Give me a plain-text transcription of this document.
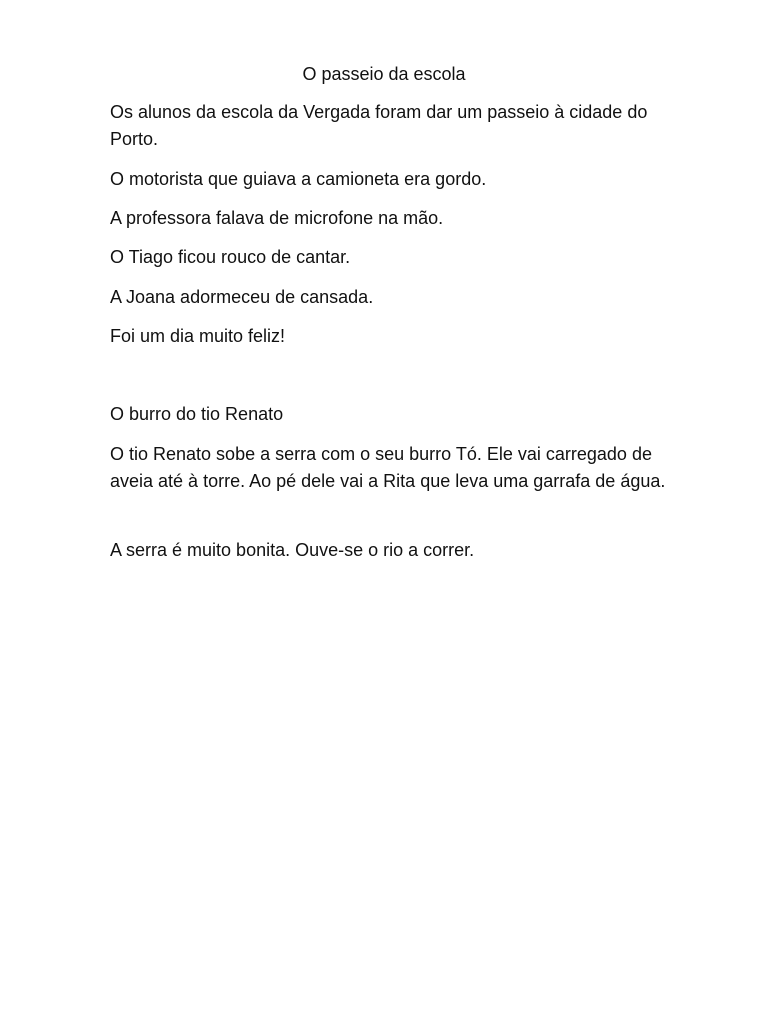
O passeio da escola
Os alunos da escola da Vergada foram dar um passeio à cidade do Porto.
O motorista que guiava a camioneta era gordo.
A professora falava de microfone na mão.
O Tiago ficou rouco de cantar.
A Joana adormeceu de cansada.
Foi um dia muito feliz!
O burro do tio Renato
O tio Renato sobe a serra com o seu burro Tó. Ele vai carregado de aveia até à torre. Ao pé dele vai a Rita que leva uma garrafa de água.
A serra é muito bonita. Ouve-se o rio a correr.
